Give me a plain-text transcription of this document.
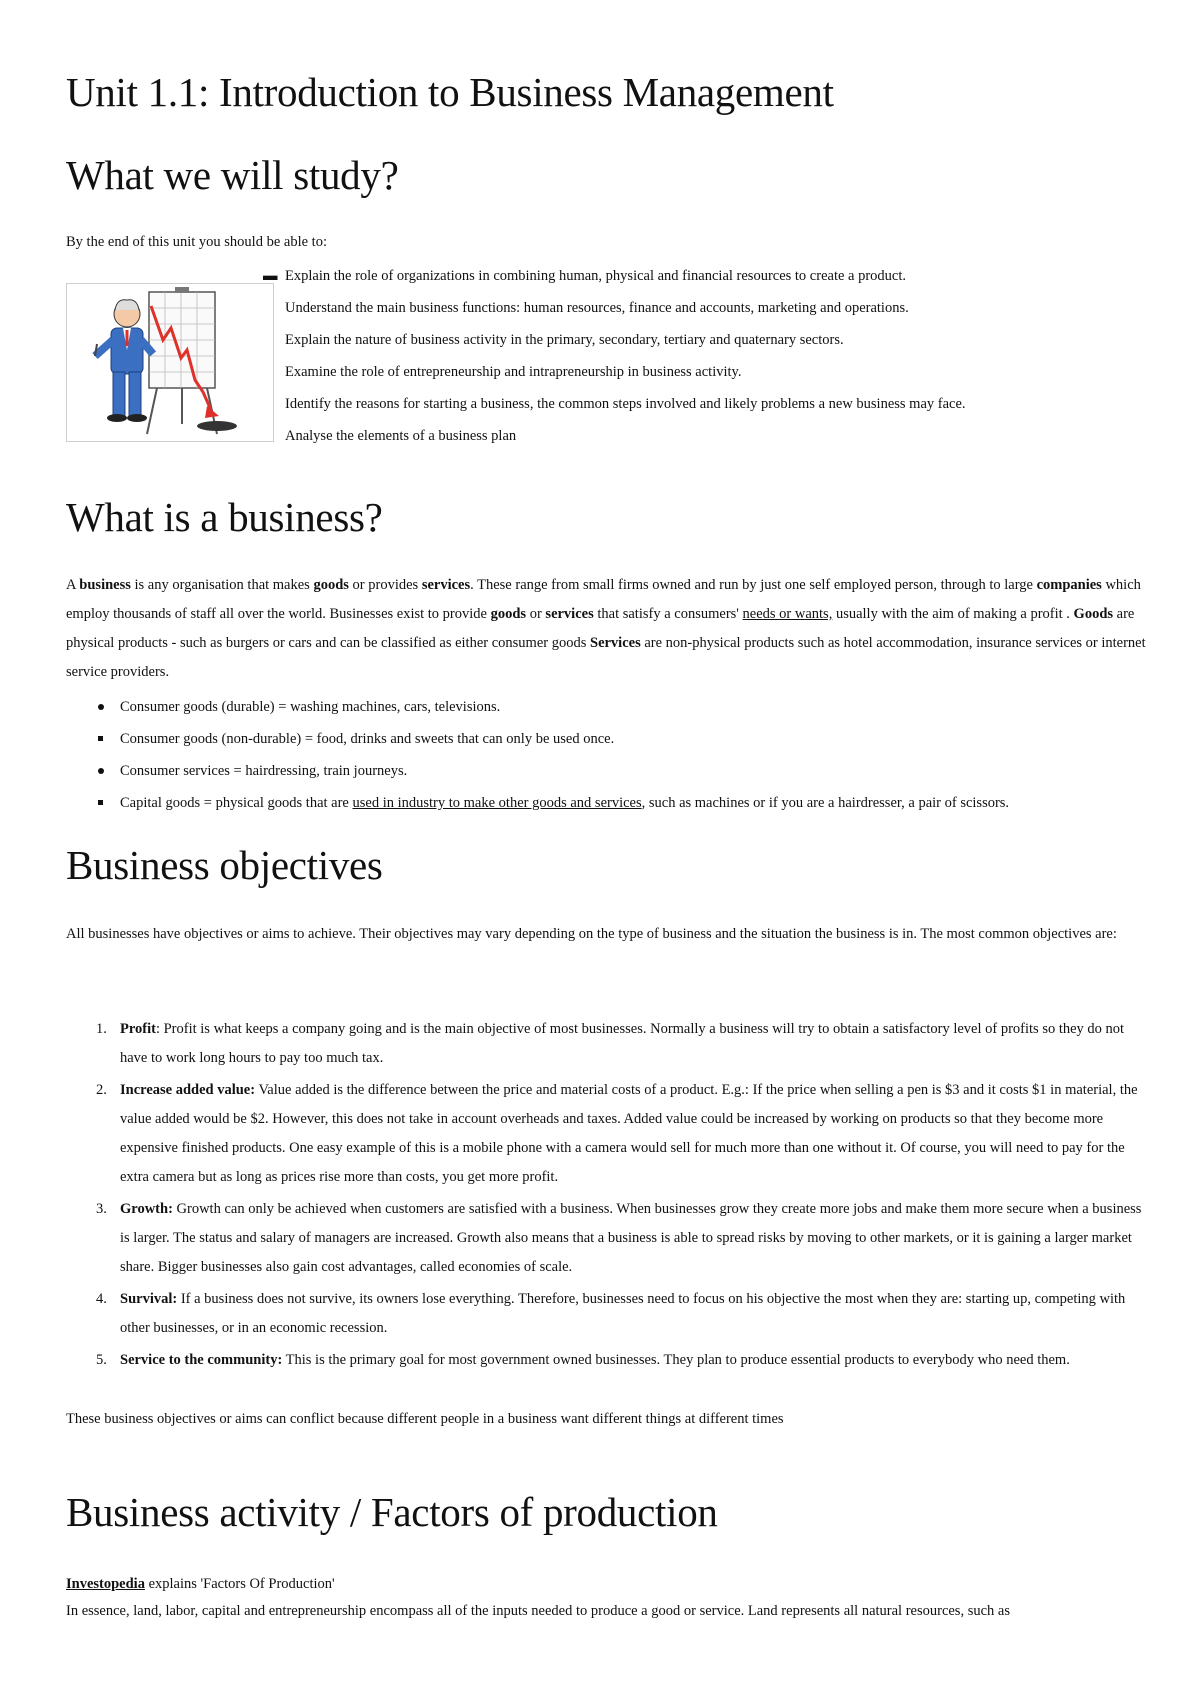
Unit 1.1: Introduction to Business Management
What we will study?
By the end of this unit you should be able to:
▬ Explain the role of organizations in combining human, physical and financial resources to create a product.
Understand the main business functions: human resources, finance and accounts, marketing and operations.
Explain the nature of business activity in the primary, secondary, tertiary and quaternary sectors.
Examine the role of entrepreneurship and intrapreneurship in business activity.
Identify the reasons for starting a business, the common steps involved and likely problems a new business may face.
Analyse the elements of a business plan
What is a business?
A business is any organisation that makes goods or provides services. These range from small firms owned and run by just one self employed person, through to large companies which employ thousands of staff all over the world. Businesses exist to provide goods or services that satisfy a consumers' needs or wants, usually with the aim of making a profit . Goods are physical products - such as burgers or cars and can be classified as either consumer goods Services are non-physical products such as hotel accommodation, insurance services or internet service providers.
Consumer goods (durable) = washing machines, cars, televisions.
Consumer goods (non-durable) = food, drinks and sweets that can only be used once.
Consumer services = hairdressing, train journeys.
Capital goods = physical goods that are used in industry to make other goods and services, such as machines or if you are a hairdresser, a pair of scissors.
Business objectives
All businesses have objectives or aims to achieve. Their objectives may vary depending on the type of business and the situation the business is in. The most common objectives are:
1. Profit: Profit is what keeps a company going and is the main objective of most businesses. Normally a business will try to obtain a satisfactory level of profits so they do not have to work long hours to pay too much tax.
2. Increase added value: Value added is the difference between the price and material costs of a product. E.g.: If the price when selling a pen is $3 and it costs $1 in material, the value added would be $2. However, this does not take in account overheads and taxes. Added value could be increased by working on products so that they become more expensive finished products. One easy example of this is a mobile phone with a camera would sell for much more than one without it. Of course, you will need to pay for the extra camera but as long as prices rise more than costs, you get more profit.
3. Growth: Growth can only be achieved when customers are satisfied with a business. When businesses grow they create more jobs and make them more secure when a business is larger. The status and salary of managers are increased. Growth also means that a business is able to spread risks by moving to other markets, or it is gaining a larger market share. Bigger businesses also gain cost advantages, called economies of scale.
4. Survival: If a business does not survive, its owners lose everything. Therefore, businesses need to focus on his objective the most when they are: starting up, competing with other businesses, or in an economic recession.
5. Service to the community: This is the primary goal for most government owned businesses. They plan to produce essential products to everybody who need them.
These business objectives or aims can conflict because different people in a business want different things at different times
Business activity / Factors of production
Investopedia explains 'Factors Of Production'
In essence, land, labor, capital and entrepreneurship encompass all of the inputs needed to produce a good or service. Land represents all natural resources, such as
